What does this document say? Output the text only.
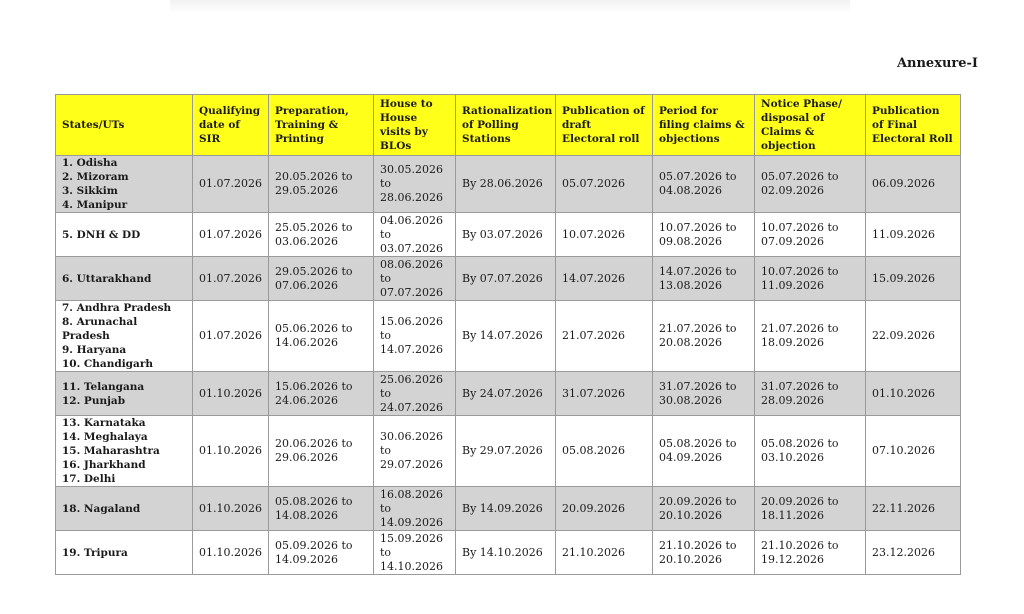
Annexure-I
States/UTs	Qualifying date of SIR	Preparation, Training & Printing	House to House visits by BLOs	Rationalization of Polling Stations	Publication of draft Electoral roll	Period for filing claims & objections	Notice Phase/ disposal of Claims & objection	Publication of Final Electoral Roll

1. Odisha
2. Mizoram
3. Sikkim
4. Manipur	01.07.2026	20.05.2026 to
29.05.2026	30.05.2026
to
28.06.2026	By 28.06.2026	05.07.2026	05.07.2026 to
04.08.2026	05.07.2026 to
02.09.2026	06.09.2026

5. DNH & DD	01.07.2026	25.05.2026 to
03.06.2026	04.06.2026
to
03.07.2026	By 03.07.2026	10.07.2026	10.07.2026 to
09.08.2026	10.07.2026 to
07.09.2026	11.09.2026

6. Uttarakhand	01.07.2026	29.05.2026 to
07.06.2026	08.06.2026
to
07.07.2026	By 07.07.2026	14.07.2026	14.07.2026 to
13.08.2026	10.07.2026 to
11.09.2026	15.09.2026

7. Andhra Pradesh
8. Arunachal Pradesh
9. Haryana
10. Chandigarh	01.07.2026	05.06.2026 to
14.06.2026	15.06.2026
to
14.07.2026	By 14.07.2026	21.07.2026	21.07.2026 to
20.08.2026	21.07.2026 to
18.09.2026	22.09.2026

11. Telangana
12. Punjab	01.10.2026	15.06.2026 to
24.06.2026	25.06.2026
to
24.07.2026	By 24.07.2026	31.07.2026	31.07.2026 to
30.08.2026	31.07.2026 to
28.09.2026	01.10.2026

13. Karnataka
14. Meghalaya
15. Maharashtra
16. Jharkhand
17. Delhi	01.10.2026	20.06.2026 to
29.06.2026	30.06.2026
to
29.07.2026	By 29.07.2026	05.08.2026	05.08.2026 to
04.09.2026	05.08.2026 to
03.10.2026	07.10.2026

18. Nagaland	01.10.2026	05.08.2026 to
14.08.2026	16.08.2026
to
14.09.2026	By 14.09.2026	20.09.2026	20.09.2026 to
20.10.2026	20.09.2026 to
18.11.2026	22.11.2026

19. Tripura	01.10.2026	05.09.2026 to
14.09.2026	15.09.2026
to
14.10.2026	By 14.10.2026	21.10.2026	21.10.2026 to
20.10.2026	21.10.2026 to
19.12.2026	23.12.2026
